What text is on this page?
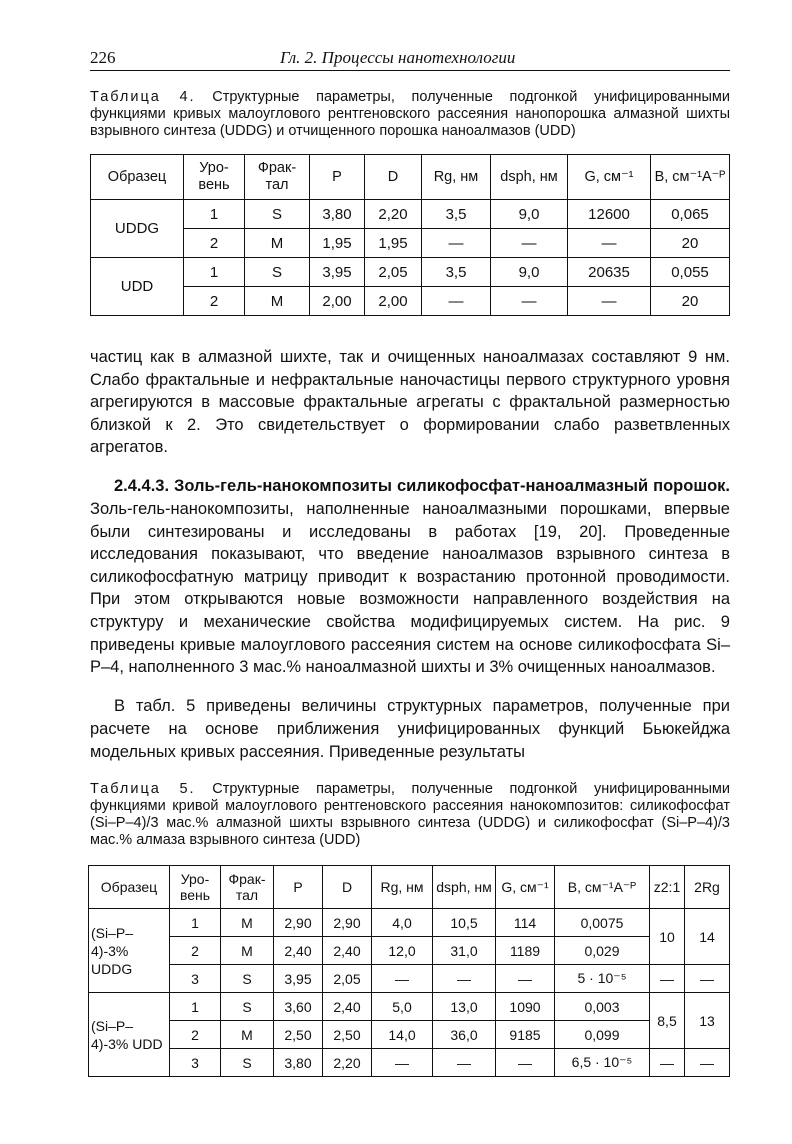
226	Гл. 2. Процессы нанотехнологии
Таблица 4. Структурные параметры, полученные подгонкой унифицированными функциями кривых малоуглового рентгеновского рассеяния нанопорошка алмазной шихты взрывного синтеза (UDDG) и отчищенного порошка наноалмазов (UDD)
Образец	Уро-вень	Фрак-тал	P	D	Rg, нм	dsph, нм	G, см⁻¹	B, см⁻¹А⁻ᴾ
UDDG	1	S	3,80	2,20	3,5	9,0	12600	0,065
	2	M	1,95	1,95	—	—	—	20
UDD	1	S	3,95	2,05	3,5	9,0	20635	0,055
	2	M	2,00	2,00	—	—	—	20

частиц как в алмазной шихте, так и очищенных наноалмазах составляют 9 нм. Слабо фрактальные и нефрактальные наночастицы первого структурного уровня агрегируются в массовые фрактальные агрегаты с фрактальной размерностью близкой к 2. Это свидетельствует о формировании слабо разветвленных агрегатов.

2.4.4.3. Золь-гель-нанокомпозиты силикофосфат-наноалмазный порошок. Золь-гель-нанокомпозиты, наполненные наноалмазными порошками, впервые были синтезированы и исследованы в работах [19, 20]. Проведенные исследования показывают, что введение наноалмазов взрывного синтеза в силикофосфатную матрицу приводит к возрастанию протонной проводимости. При этом открываются новые возможности направленного воздействия на структуру и механические свойства модифицируемых систем. На рис. 9 приведены кривые малоуглового рассеяния систем на основе силикофосфата Si–P–4, наполненного 3 мас.% наноалмазной шихты и 3% очищенных наноалмазов.

В табл. 5 приведены величины структурных параметров, полученные при расчете на основе приближения унифицированных функций Бьюкейджа модельных кривых рассеяния. Приведенные результаты

Таблица 5. Структурные параметры, полученные подгонкой унифицированными функциями кривой малоуглового рентгеновского рассеяния нанокомпозитов: силикофосфат (Si–P–4)/3 мас.% алмазной шихты взрывного синтеза (UDDG) и силикофосфат (Si–P–4)/3 мас.% алмаза взрывного синтеза (UDD)
Образец	Уро-вень	Фрак-тал	P	D	Rg, нм	dsph, нм	G, см⁻¹	B, см⁻¹А⁻ᴾ	z2:1	2Rg
(Si–P–4)-3% UDDG	1	M	2,90	2,90	4,0	10,5	114	0,0075	10	14
	2	M	2,40	2,40	12,0	31,0	1189	0,029		
	3	S	3,95	2,05	—	—	—	5 · 10⁻⁵	—	—
(Si–P–4)-3% UDD	1	S	3,60	2,40	5,0	13,0	1090	0,003	8,5	13
	2	M	2,50	2,50	14,0	36,0	9185	0,099		
	3	S	3,80	2,20	—	—	—	6,5 · 10⁻⁵	—	—
